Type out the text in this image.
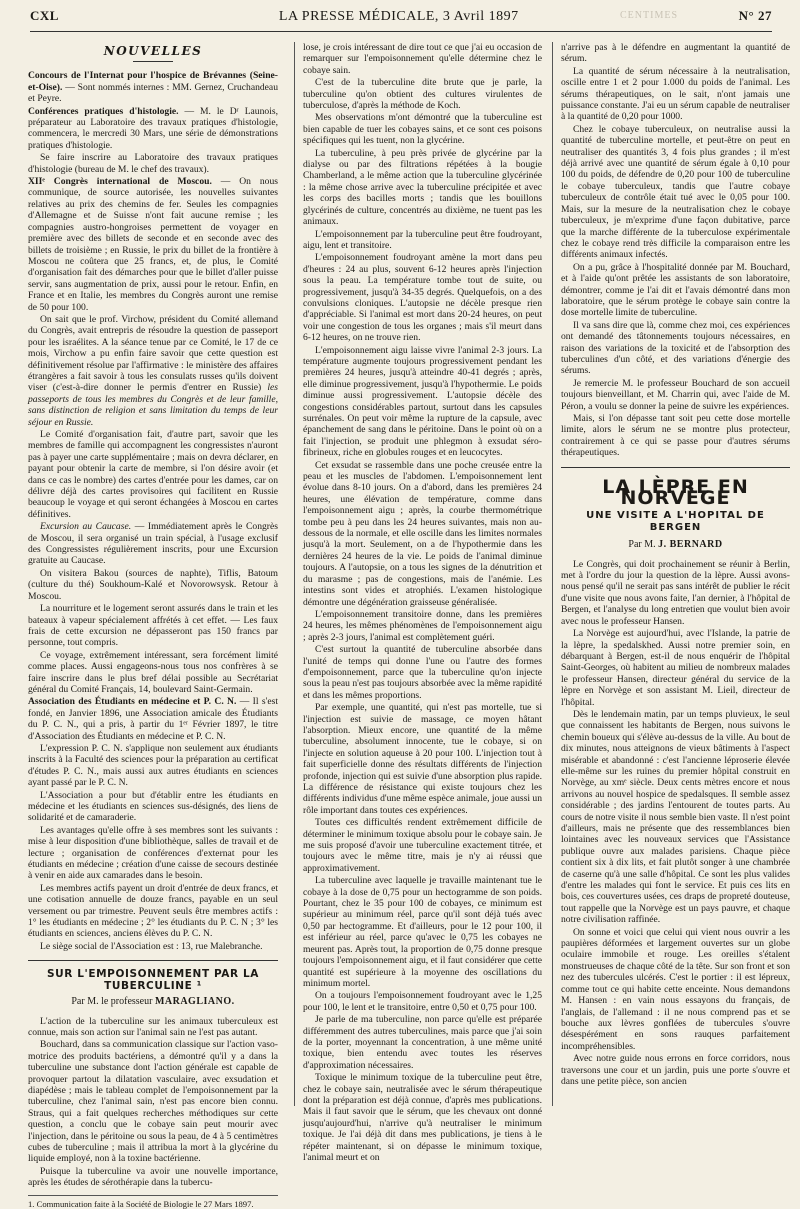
CXL	LA PRESSE MÉDICALE, 3 Avril 1897	N° 27
CENTIMES
NOUVELLES

Concours de l'Internat pour l'hospice de Brévannes (Seine-et-Oise). — Sont nommés internes : MM. Gernez, Cruchandeau et Peyre.

Conférences pratiques d'histologie. — M. le Dʳ Launois, préparateur au Laboratoire des travaux pratiques d'histologie, commencera, le mercredi 30 Mars, une série de démonstrations pratiques d'histologie.

Se faire inscrire au Laboratoire des travaux pratiques d'histologie (bureau de M. le chef des travaux).

XIIᵉ Congrès international de Moscou. — On nous communique, de source autorisée, les nouvelles suivantes relatives au prix des chemins de fer. Seules les compagnies d'Allemagne et de Suisse n'ont fait aucune remise ; les compagnies austro-hongroises permettent de voyager en première avec des billets de seconde et en seconde avec des billets de troisième ; en Russie, le prix du billet de la frontière à Moscou ne coûtera que 25 francs, et, de plus, le Comité d'organisation fait des démarches pour que le billet d'aller puisse servir, sans augmentation de prix, aussi pour le retour. Enfin, en France et en Italie, les membres du Congrès auront une remise de 50 pour 100.

On sait que le prof. Virchow, président du Comité allemand du Congrès, avait entrepris de résoudre la question de passeport pour les israélites. A la séance tenue par ce Comité, le 17 de ce mois, Virchow a pu enfin faire savoir que cette question est définitivement résolue par l'affirmative : le ministère des affaires étrangères a fait savoir à tous les consulats russes qu'ils doivent viser (c'est-à-dire donner le permis d'entrer en Russie) les passeports de tous les membres du Congrès et de leur famille, sans distinction de religion et sans limitation du temps de leur séjour en Russie.

Le Comité d'organisation fait, d'autre part, savoir que les membres de famille qui accompagnent les congressistes n'auront pas à payer une carte supplémentaire ; mais on devra déclarer, en payant pour obtenir la carte de membre, si l'on désire avoir (et dans ce cas le nombre) des cartes d'entrée pour les dames, car on délivre déjà des cartes provisoires qui facilitent en Russie beaucoup le voyage et qui seront échangées à Moscou en cartes définitives.

Excursion au Caucase. — Immédiatement après le Congrès de Moscou, il sera organisé un train spécial, à l'usage exclusif des Congressistes régulièrement inscrits, pour une Excursion gratuite au Caucase.

On visitera Bakou (sources de naphte), Tiflis, Batoum (culture du thé) Soukhoum-Kalé et Novorowsysk. Retour à Moscou.

La nourriture et le logement seront assurés dans le train et les bateaux à vapeur spécialement affrétés à cet effet. — Les faux frais de cette excursion ne dépasseront pas 150 francs par personne, tout compris.

Ce voyage, extrêmement intéressant, sera forcément limité comme places. Aussi engageons-nous tous nos confrères à se faire inscrire dans le plus bref délai possible au Secrétariat général du Comité Français, 14, boulevard Saint-Germain.

Association des Étudiants en médecine et P. C. N. — Il s'est fondé, en Janvier 1896, une Association amicale des Étudiants du P. C. N., qui a pris, à partir du 1ᵉʳ Février 1897, le titre d'Association des Étudiants en médecine et P. C. N.

L'expression P. C. N. s'applique non seulement aux étudiants inscrits à la Faculté des sciences pour la préparation au certificat d'études P. C. N., mais aussi aux autres étudiants en sciences ayant passé par le P. C. N.

L'Association a pour but d'établir entre les étudiants en médecine et les étudiants en sciences sus-désignés, des liens de solidarité et de camaraderie.

Les avantages qu'elle offre à ses membres sont les suivants : mise à leur disposition d'une bibliothèque, salles de travail et de lecture ; organisation de conférences d'externat pour les étudiants en médecine ; création d'une caisse de secours destinée à venir en aide aux camarades dans le besoin.

Les membres actifs payent un droit d'entrée de deux francs, et une cotisation annuelle de douze francs, payable en un seul versement ou par trimestre. Peuvent seuls être membres actifs : 1° les étudiants en médecine ; 2° les étudiants du P. C. N ; 3° les étudiants en sciences, anciens élèves du P. C. N.

Le siège social de l'Association est : 13, rue Malebranche.

SUR L'EMPOISONNEMENT PAR LA TUBERCULINE ¹
Par M. le professeur MARAGLIANO.

L'action de la tuberculine sur les animaux tuberculeux est connue, mais son action sur l'animal sain ne l'est pas autant.

Bouchard, dans sa communication classique sur l'action vaso-motrice des produits bactériens, a démontré qu'il y a dans la tuberculine une substance dont l'action générale est capable de provoquer partout la dilatation vasculaire, avec exsudation et diapédèse ; mais le tableau complet de l'empoisonnement par la tuberculine, chez l'animal sain, n'est pas encore bien connu. Straus, qui a fait quelques recherches méthodiques sur cette question, a conclu que le cobaye sain peut mourir avec l'injection, dans le péritoine ou sous la peau, de 4 à 5 centimètres cubes de tuberculine ; mais il attribua la mort à la glycérine du liquide employé, non à la toxine bactérienne.

Puisque la tuberculine va avoir une nouvelle importance, après les études de sérothérapie dans la tubercu-

1. Communication faite à la Société de Biologie le 27 Mars 1897.

lose, je crois intéressant de dire tout ce que j'ai eu occasion de remarquer sur l'empoisonnement qu'elle détermine chez le cobaye sain.

C'est de la tuberculine dite brute que je parle, la tuberculine qu'on obtient des cultures virulentes de tuberculose, d'après la méthode de Koch.

Mes observations m'ont démontré que la tuberculine est bien capable de tuer les cobayes sains, et ce sont ces poisons spécifiques qui les tuent, non la glycérine.

La tuberculine, à peu près privée de glycérine par la dialyse ou par des filtrations répétées à la bougie Chamberland, a le même action que la tuberculine glycérinée : la même chose arrive avec la tuberculine précipitée et avec les corps des bacilles morts ; tandis que les bouillons glycérinés de culture, concentrés au dixième, ne tuent pas les animaux.

L'empoisonnement par la tuberculine peut être foudroyant, aigu, lent et transitoire.

L'empoisonnement foudroyant amène la mort dans peu d'heures : 24 au plus, souvent 6-12 heures après l'injection sous la peau. La température tombe tout de suite, ou progressivement, jusqu'à 34-35 degrés. Quelquefois, on a des convulsions cloniques. L'autopsie ne décèle presque rien d'appréciable. Si l'animal est mort dans 20-24 heures, on peut voir une congestion de tous les organes ; mais s'il meurt dans 6-12 heures, on ne trouve rien.

L'empoisonnement aigu laisse vivre l'animal 2-3 jours. La température augmente toujours progressivement pendant les premières 24 heures, jusqu'à atteindre 40-41 degrés ; après, elle diminue progressivement, jusqu'à l'hypothermie. Le poids diminue aussi progressivement. L'autopsie décèle des congestions considérables partout, surtout dans les capsules surrénales. On peut voir même la rupture de la capsule, avec épanchement de sang dans le péritoine. Dans le point où on a fait l'injection, se produit une phlegmon à exsudat séro-fibrineux, riche en globules rouges et en leucocytes.

Cet exsudat se rassemble dans une poche creusée entre la peau et les muscles de l'abdomen. L'empoisonnement lent évolue dans 8-10 jours. On a d'abord, dans les premières 24 heures, une élévation de température, comme dans l'empoisonnement aigu ; après, la courbe thermométrique tombe peu à peu dans les 24 heures suivantes, mais non au-dessous de la normale, et elle oscille dans les limites normales jusqu'à la mort. Seulement, on a de l'hypothermie dans les dernières 24 heures de la vie. Le poids de l'animal diminue toujours. A l'autopsie, on a tous les signes de la dénutrition et du marasme ; pas de congestions, mais de l'anémie. Les intestins sont vides et atrophiés. L'examen histologique démontre une dégénération graisseuse généralisée.

L'empoisonnement transitoire donne, dans les premières 24 heures, les mêmes phénomènes de l'empoisonnement aigu ; après 2-3 jours, l'animal est complètement guéri.

C'est surtout la quantité de tuberculine absorbée dans l'unité de temps qui donne l'une ou l'autre des formes d'empoisonnement, parce que la tuberculine qu'on injecte sous la peau n'est pas toujours absorbée avec la même rapidité et dans les mêmes proportions.

Par exemple, une quantité, qui n'est pas mortelle, tue si l'injection est suivie de massage, ce moyen hâtant l'absorption. Mieux encore, une quantité de la même tuberculine, absolument innocente, tue le cobaye, si on l'injecte en solution aqueuse à 20 pour 100. L'injection tout à fait superficielle donne des résultats différents de l'injection profonde, injection qui est suivie d'une absorption plus rapide. La différence de résistance qui existe toujours chez les différents individus d'une même espèce animale, joue aussi un rôle important dans toutes ces expériences.

Toutes ces difficultés rendent extrêmement difficile de déterminer le minimum toxique absolu pour le cobaye sain. Je me suis proposé d'avoir une tuberculine exactement titrée, et toujours avec le même titre, mais je n'y ai réussi que approximativement.

La tuberculine avec laquelle je travaille maintenant tue le cobaye à la dose de 0,75 pour un hectogramme de son poids. Pourtant, chez le 35 pour 100 de cobayes, ce minimum est supérieur au minimum réel, parce qu'il sont déjà tués avec 0,50 par hectogramme. Et d'ailleurs, pour le 12 pour 100, il est inférieur au réel, parce qu'avec le 0,75 les cobayes ne meurent pas. Après tout, la proportion de 0,75 donne presque toujours l'empoisonnement aigu, et il faut considérer que cette quantité est supérieure à la moyenne des oscillations du minimum mortel.

On a toujours l'empoisonnement foudroyant avec le 1,25 pour 100, le lent et le transitoire, entre 0,50 et 0,75 pour 100.

Je parle de ma tuberculine, non parce qu'elle est préparée différemment des autres tuberculines, mais parce que j'ai soin de la porter, moyennant la concentration, à une même unité toxique, bien entendu avec toutes les réserves d'approximation nécessaires.

Toxique le minimum toxique de la tuberculine peut être, chez le cobaye sain, neutralisée avec le sérum thérapeutique dont la préparation est déjà connue, d'après mes publications. Mais il faut savoir que le sérum, que les chevaux ont donné jusqu'aujourd'hui, n'arrive qu'à neutraliser le minimum toxique. Je l'ai déjà dit dans mes publications, je tiens à le répéter maintenant, si on dépasse le minimum toxique, l'animal meurt et on

n'arrive pas à le défendre en augmentant la quantité de sérum.

La quantité de sérum nécessaire à la neutralisation, oscille entre 1 et 2 pour 1.000 du poids de l'animal. Les sérums thérapeutiques, on le sait, n'ont jamais une puissance constante. J'ai eu un sérum capable de neutraliser à la quantité de 0,20 pour 1000.

Chez le cobaye tuberculeux, on neutralise aussi la quantité de tuberculine mortelle, et peut-être on peut en neutraliser des quantités 3, 4 fois plus grandes ; il m'est déjà arrivé avec une quantité de sérum égale à 0,10 pour 100 du poids, de défendre de 0,20 pour 100 de tuberculine le cobaye tuberculeux, tandis que l'autre cobaye tuberculeux de contrôle était tué avec le 0,05 pour 100. Mais, sur la mesure de la neutralisation chez le cobaye tuberculeux, je m'exprime d'une façon dubitative, parce que la marche différente de la tuberculose expérimentale chez le cobaye rend très difficile la comparaison entre les différents animaux infectés.

On a pu, grâce à l'hospitalité donnée par M. Bouchard, et à l'aide qu'ont prêtée les assistants de son laboratoire, démontrer, comme je l'ai dit et l'avais démontré dans mon laboratoire, que le sérum protège le cobaye sain contre la dose mortelle limite de tuberculine.

Il va sans dire que là, comme chez moi, ces expériences ont demandé des tâtonnements toujours nécessaires, en raison des variations de la toxicité et de l'absorption des tuberculines d'un côté, et des variations d'énergie des sérums.

Je remercie M. le professeur Bouchard de son accueil toujours bienveillant, et M. Charrin qui, avec l'aide de M. Péron, a voulu se donner la peine de suivre les expériences.

Mais, si l'on dépasse tant soit peu cette dose mortelle limite, alors le sérum ne se montre plus protecteur, contrairement à ce qui se passe pour d'autres sérums thérapeutiques.

LA LÈPRE EN NORVÈGE
UNE VISITE A L'HOPITAL DE BERGEN
Par M. J. BERNARD

Le Congrès, qui doit prochainement se réunir à Berlin, met à l'ordre du jour la question de la lèpre. Aussi avons-nous pensé qu'il ne serait pas sans intérêt de publier le récit d'une visite que nous avons faite, l'an dernier, à l'hôpital de Bergen, et l'analyse du long entretien que voulut bien avoir avec nous le professeur Hansen.

La Norvège est aujourd'hui, avec l'Islande, la patrie de la lèpre, la spedalskhed. Aussi notre premier soin, en débarquant à Bergen, est-il de nous enquérir de l'hôpital Saint-Georges, où habitent au milieu de nombreux malades le professeur Hansen, directeur général du service de la lèpre en Norvège et son assistant M. Lieil, directeur de l'hôpital.

Dès le lendemain matin, par un temps pluvieux, le seul que connaissent les habitants de Bergen, nous suivons le chemin boueux qui s'élève au-dessus de la ville. Au bout de dix minutes, nous atteignons de vieux bâtiments à l'aspect misérable et abandonné : c'est l'ancienne léproserie élevée elle-même sur les ruines du premier hôpital construit en Norvège, au xmᵉ siècle. Deux cents mètres encore et nous arrivons au nouvel hospice de spedalsques. Il semble assez considérable ; des jardins l'entourent de toutes parts. Au cours de notre visite il nous semble bien vaste. Il n'est point d'ailleurs, mais ne présente que des ressemblances bien lointaines avec les nouveaux services que l'Assistance publique ouvre aux malades parisiens. Chaque pièce contient six à dix lits, et fait plutôt songer à une chambrée de caserne qu'à une salle d'hôpital. Ce sont les plus valides d'entre les malades qui font le service. Et puis ces lits en bois, ces couvertures usées, ces draps de propreté douteuse, tout rappelle que la Norvège est un pays pauvre, et chaque notre civilisation raffinée.

On sonne et voici que celui qui vient nous ouvrir a les paupières déformées et largement ouvertes sur un globe oculaire immobile et rouge. Les oreilles s'étalent monstrueuses de chaque côté de la tête. Sur son front et son nez des tubercules ulcérés. C'est le portier : il est lépreux, comme tout ce qui habite cette enceinte. Nous demandons M. Hansen : en vain nous essayons du français, de l'anglais, de l'allemand : il ne nous comprend pas et se bouche aux lèvres gonflées de tubercules s'ouvre désespérément en sons rauques parfaitement incompréhensibles.

Avec notre guide nous errons en force corridors, nous traversons une cour et un jardin, puis une porte s'ouvre et dans une petite pièce, son ancien
